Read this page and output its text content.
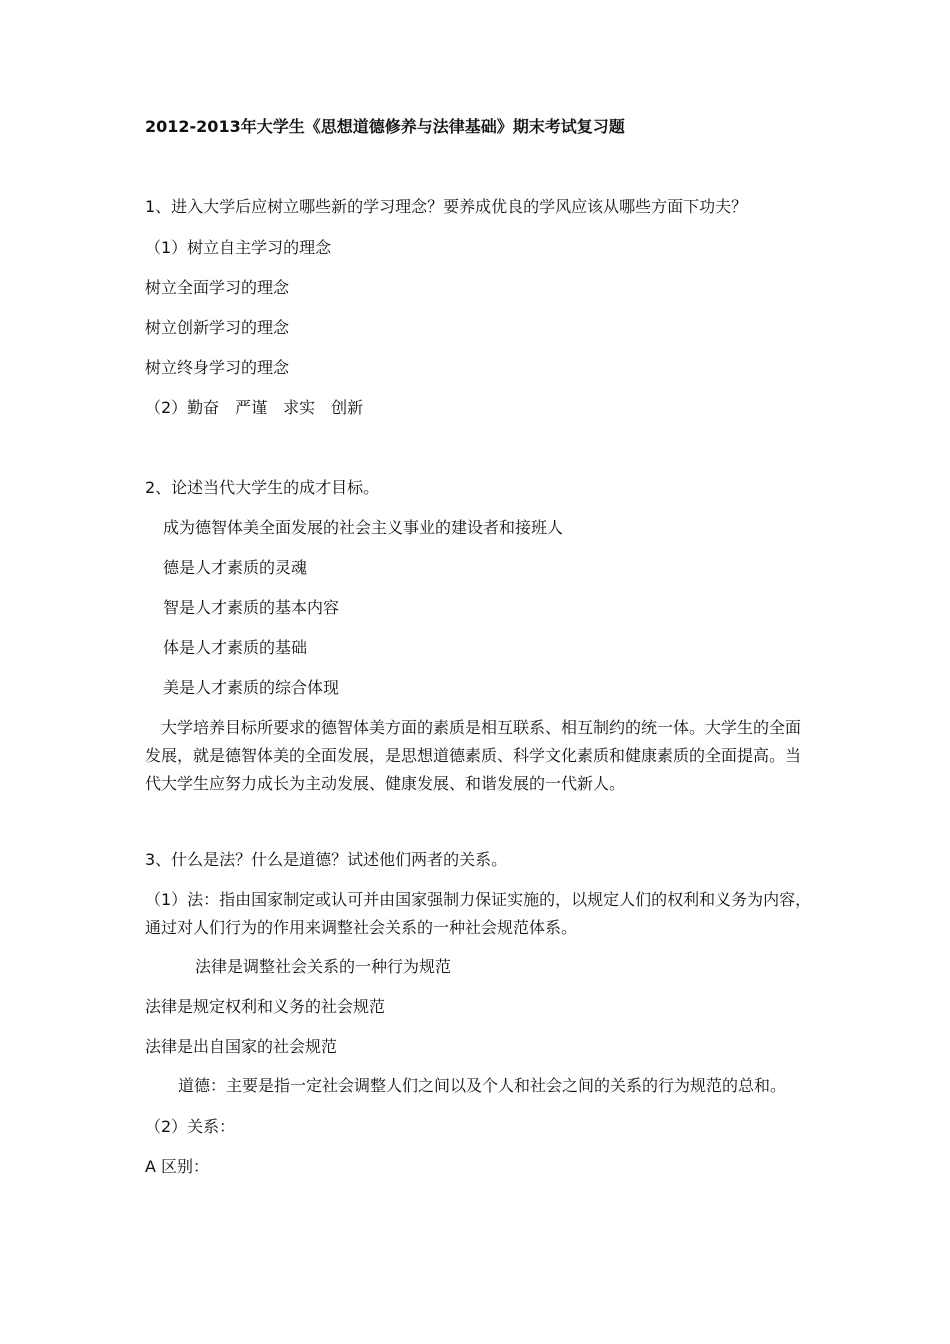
2012-2013年大学生《思想道德修养与法律基础》期末考试复习题
1、进入大学后应树立哪些新的学习理念？要养成优良的学风应该从哪些方面下功夫？
（1）树立自主学习的理念
树立全面学习的理念
树立创新学习的理念
树立终身学习的理念
（2）勤奋　严谨　求实　创新
2、论述当代大学生的成才目标。
成为德智体美全面发展的社会主义事业的建设者和接班人
德是人才素质的灵魂
智是人才素质的基本内容
体是人才素质的基础
美是人才素质的综合体现
　大学培养目标所要求的德智体美方面的素质是相互联系、相互制约的统一体。大学生的全面发展，就是德智体美的全面发展，是思想道德素质、科学文化素质和健康素质的全面提高。当代大学生应努力成长为主动发展、健康发展、和谐发展的一代新人。
3、什么是法？什么是道德？试述他们两者的关系。
（1）法：指由国家制定或认可并由国家强制力保证实施的，以规定人们的权利和义务为内容，通过对人们行为的作用来调整社会关系的一种社会规范体系。
法律是调整社会关系的一种行为规范
法律是规定权利和义务的社会规范
法律是出自国家的社会规范
道德：主要是指一定社会调整人们之间以及个人和社会之间的关系的行为规范的总和。
（2）关系：
A 区别：
